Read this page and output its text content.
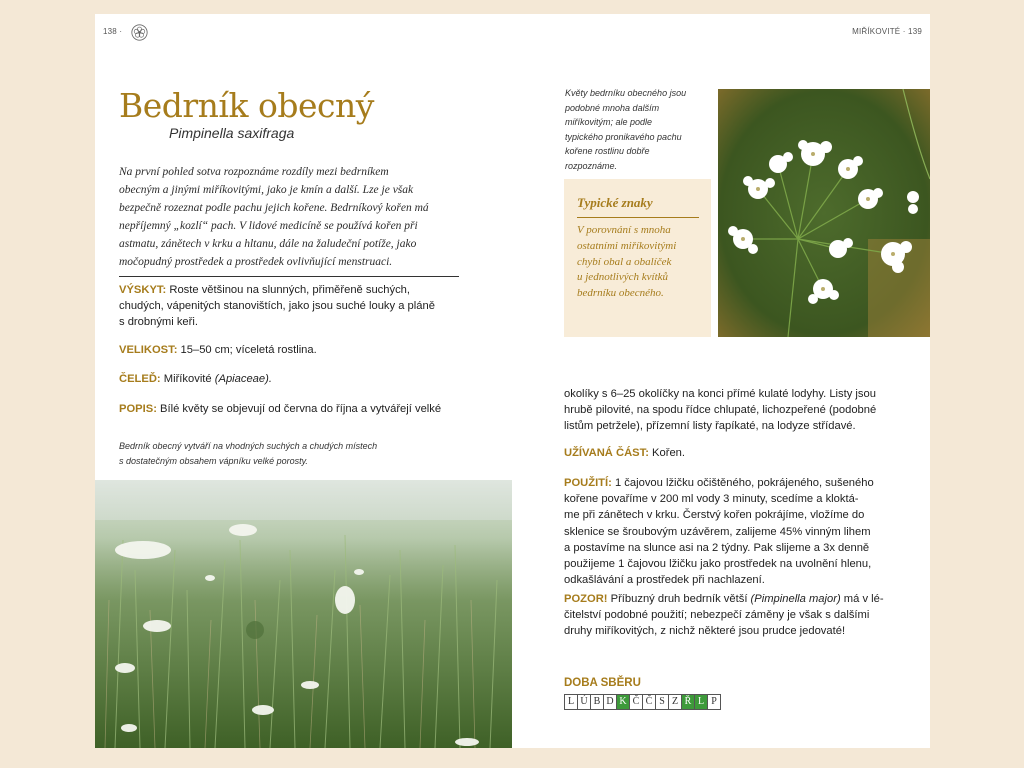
138 ·
Bedrník obecný
Pimpinella saxifraga
Na první pohled sotva rozpoznáme rozdíly mezi bedrníkem
obecným a jinými miříkovitými, jako je kmín a další. Lze je však
bezpečně rozeznat podle pachu jejich kořene. Bedrníkový kořen má
nepříjemný „kozlí“ pach. V lidové medicíně se používá kořen při
astmatu, zánětech v krku a hltanu, dále na žaludeční potíže, jako
močopudný prostředek a prostředek ovlivňující menstruaci.
VÝSKYT: Roste většinou na slunných, přiměřeně suchých,
chudých, vápenitých stanovištích, jako jsou suché louky a pláně
s drobnými keři.
VELIKOST: 15–50 cm; víceletá rostlina.
ČELEĎ: Miříkovité (Apiaceae).
POPIS: Bílé květy se objevují od června do října a vytvářejí velké
Bedrník obecný vytváří na vhodných suchých a chudých místech
s dostatečným obsahem vápníku velké porosty.
MIŘÍKOVITÉ · 139
Květy bedrníku obecného jsou
podobné mnoha dalším
miříkovitým; ale podle
typického pronikavého pachu
kořene rostlinu dobře
rozpoznáme.
Typické znaky
V porovnání s mnoha
ostatními miříkovitými
chybí obal a obalíček
u jednotlivých kvítků
bedrníku obecného.
okolíky s 6–25 okolíčky na konci přímé kulaté lodyhy. Listy jsou
hrubě pilovité, na spodu řídce chlupaté, lichozpeřené (podobné
listům petržele), přízemní listy řapíkaté, na lodyze střídavé.
UŽÍVANÁ ČÁST: Kořen.
POUŽITÍ: 1 čajovou lžičku očištěného, pokrájeného, sušeného
kořene povaříme v 200 ml vody 3 minuty, scedíme a kloktá-
me při zánětech v krku. Čerstvý kořen pokrájíme, vložíme do
sklenice se šroubovým uzávěrem, zalijeme 45% vinným lihem
a postavíme na slunce asi na 2 týdny. Pak slijeme a 3x denně
použijeme 1 čajovou lžičku jako prostředek na uvolnění hlenu,
odkašlávání a prostředek při nachlazení.
POZOR! Příbuzný druh bedrník větší (Pimpinella major) má v lé-
čitelství podobné použití; nebezpečí záměny je však s dalšími
druhy miříkovitých, z nichž některé jsou prudce jedovaté!
DOBA SBĚRU
L Ú B D K Č Č S Z Ř L P
